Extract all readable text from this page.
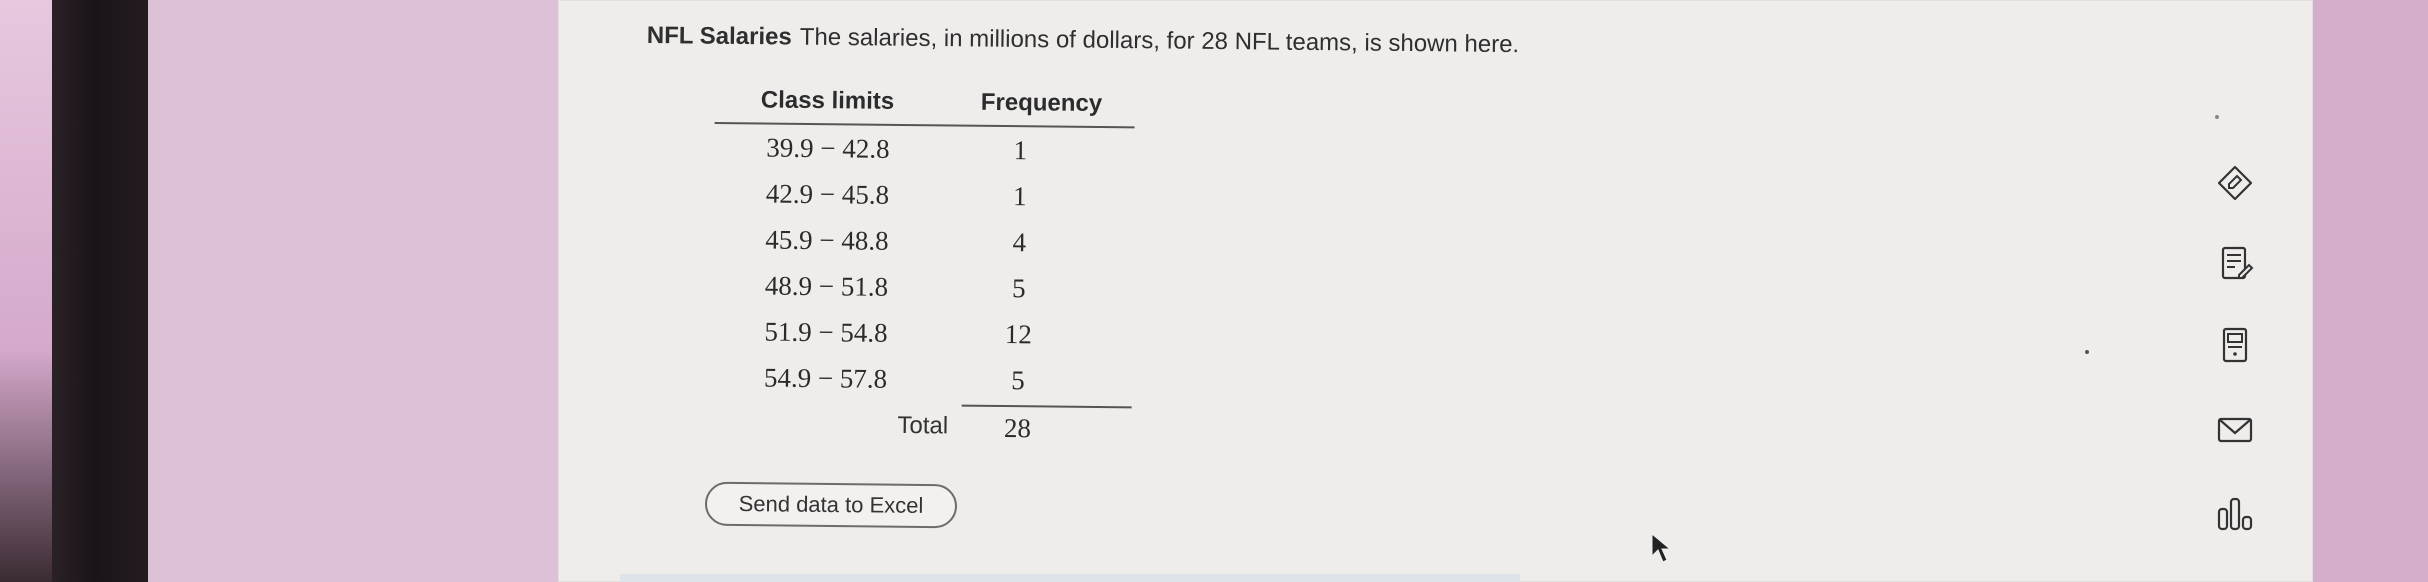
NFL Salaries The salaries, in millions of dollars, for 28 NFL teams, is shown here.
Class limits	Frequency
39.9 − 42.8	1
42.9 − 45.8	1
45.9 − 48.8	4
48.9 − 51.8	5
51.9 − 54.8	12
54.9 − 57.8	5
Total	28
Send data to Excel
